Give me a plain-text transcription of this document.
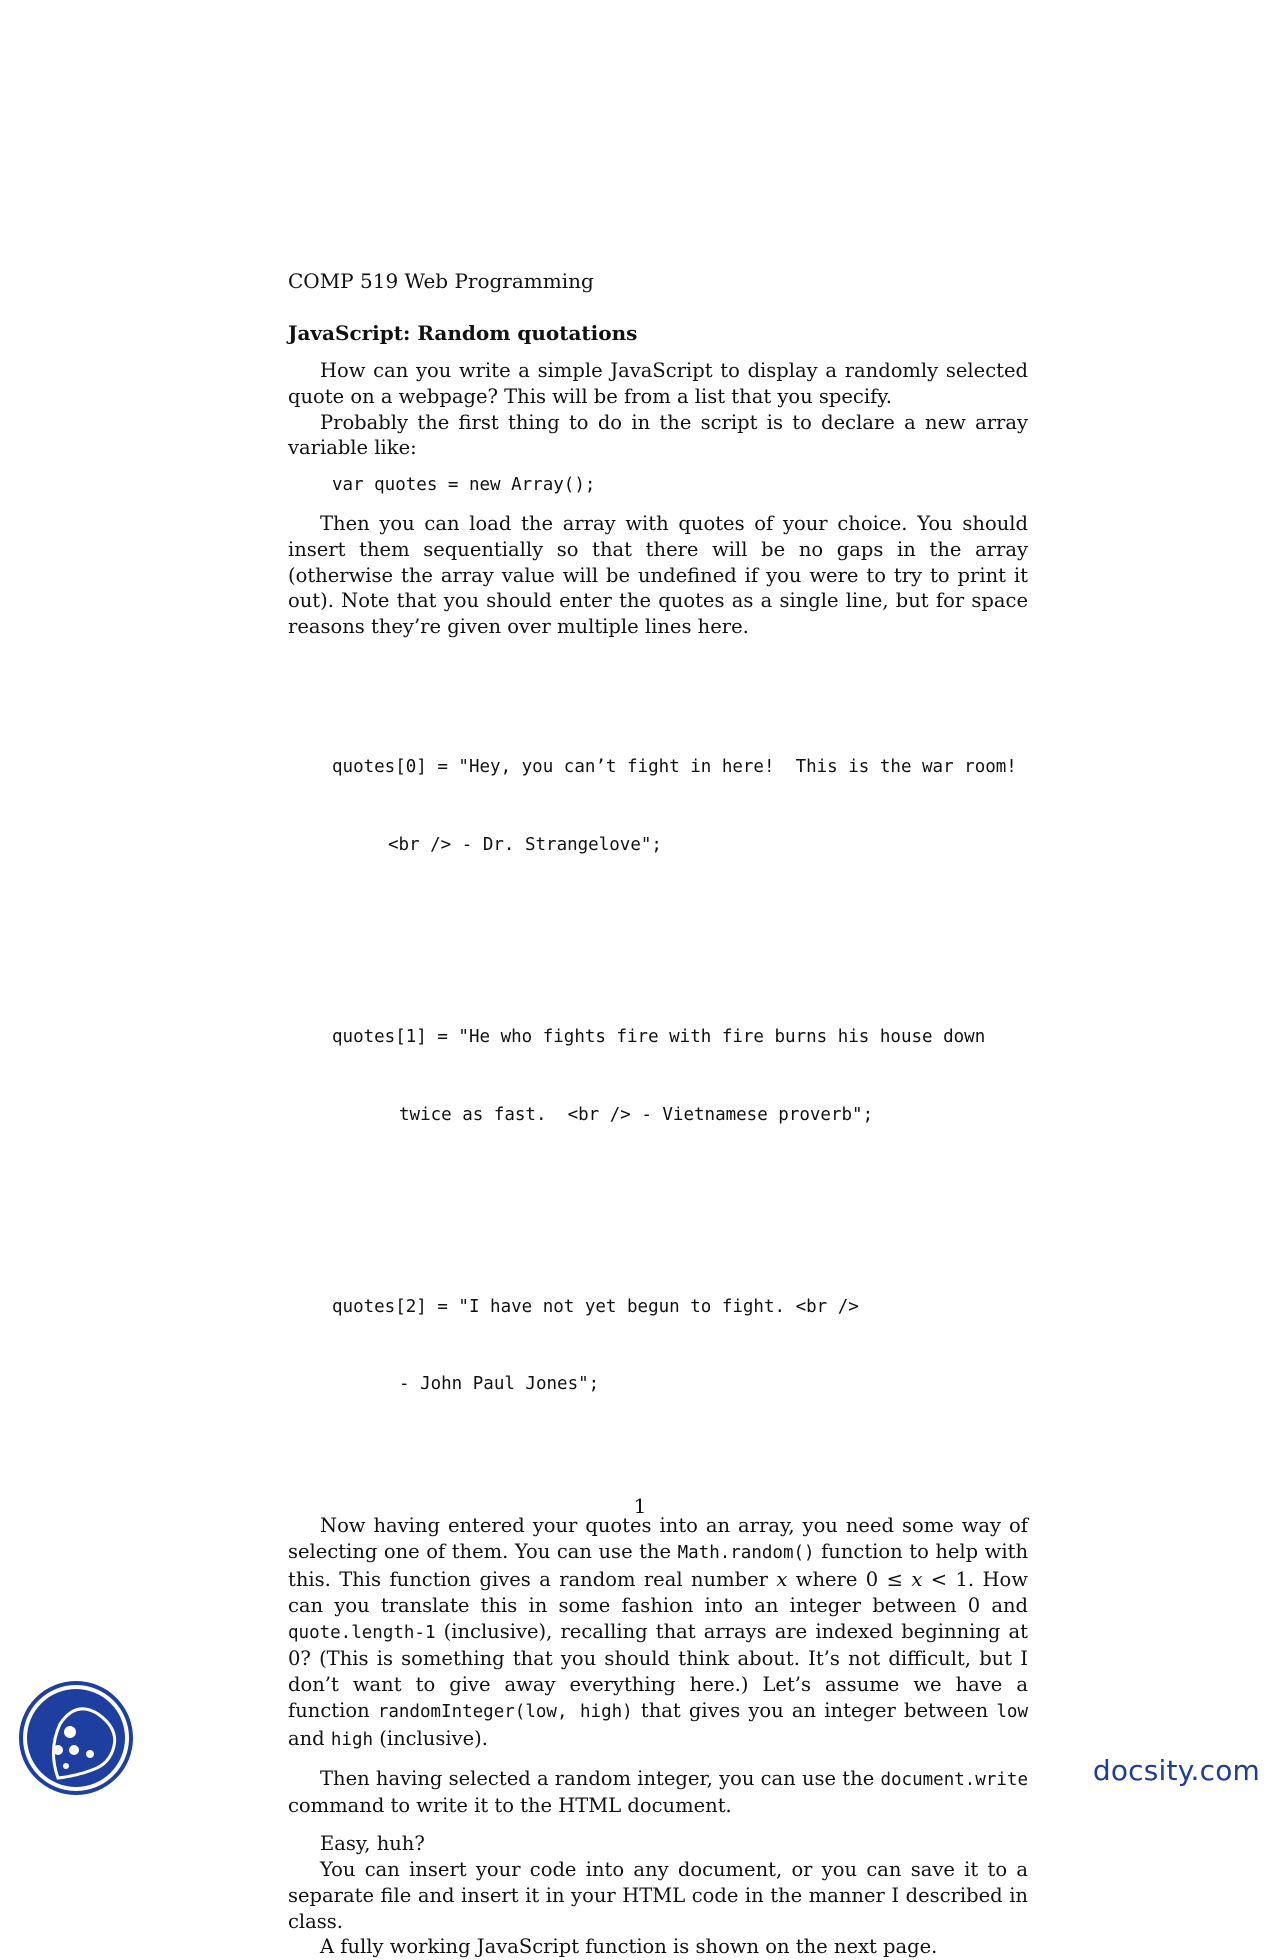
COMP 519 Web Programming
JavaScript: Random quotations

How can you write a simple JavaScript to display a randomly selected quote on a webpage? This will be from a list that you specify.

Probably the first thing to do in the script is to declare a new array variable like:

var quotes = new Array();

Then you can load the array with quotes of your choice. You should insert them sequentially so that there will be no gaps in the array (otherwise the array value will be undefined if you were to try to print it out). Note that you should enter the quotes as a single line, but for space reasons they’re given over multiple lines here.

quotes[0] = "Hey, you can’t fight in here!  This is the war room!

<br /> - Dr. Strangelove";

quotes[1] = "He who fights fire with fire burns his house down

twice as fast.  <br /> - Vietnamese proverb";

quotes[2] = "I have not yet begun to fight. <br />

- John Paul Jones";

Now having entered your quotes into an array, you need some way of selecting one of them. You can use the Math.random() function to help with this. This function gives a random real number x where 0 ≤ x < 1. How can you translate this in some fashion into an integer between 0 and quote.length-1 (inclusive), recalling that arrays are indexed beginning at 0? (This is something that you should think about. It’s not difficult, but I don’t want to give away everything here.) Let’s assume we have a function randomInteger(low, high) that gives you an integer between low and high (inclusive).

Then having selected a random integer, you can use the document.write command to write it to the HTML document.

Easy, huh?

You can insert your code into any document, or you can save it to a separate file and insert it in your HTML code in the manner I described in class.

A fully working JavaScript function is shown on the next page.

1
docsity.com
